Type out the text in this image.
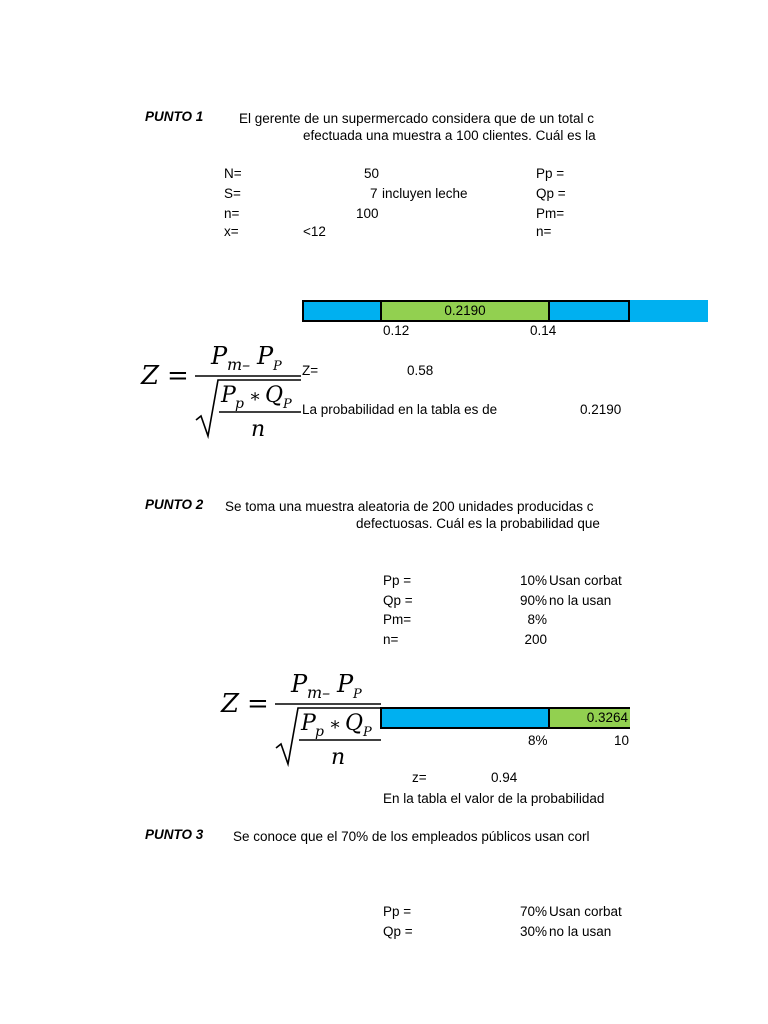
PUNTO 1	El gerente de un supermercado considera que de un total c
efectuada una muestra a 100 clientes. Cuál es la
N=	50	Pp =
S=	7 incluyen leche	Qp =
n=	100	Pm=
x=	<12	n=
0.2190
0.12	0.14
Z =
P m– P P
P p ∗ Q P
n
Z=	0.58
La probabilidad en la tabla es de	0.2190
PUNTO 2 Se toma una muestra aleatoria de 200 unidades producidas c
defectuosas. Cuál es la probabilidad que
Pp =	10% Usan corbat
Qp =	90% no la usan
Pm=	8%
n=	200
Z =
P m– P P
P p ∗ Q P
n
0.3264
8%	10
z=	0.94
En la tabla el valor de la probabilidad
PUNTO 3 Se conoce que el 70% de los empleados públicos usan corl
Pp =	70% Usan corbat
Qp =	30% no la usan
